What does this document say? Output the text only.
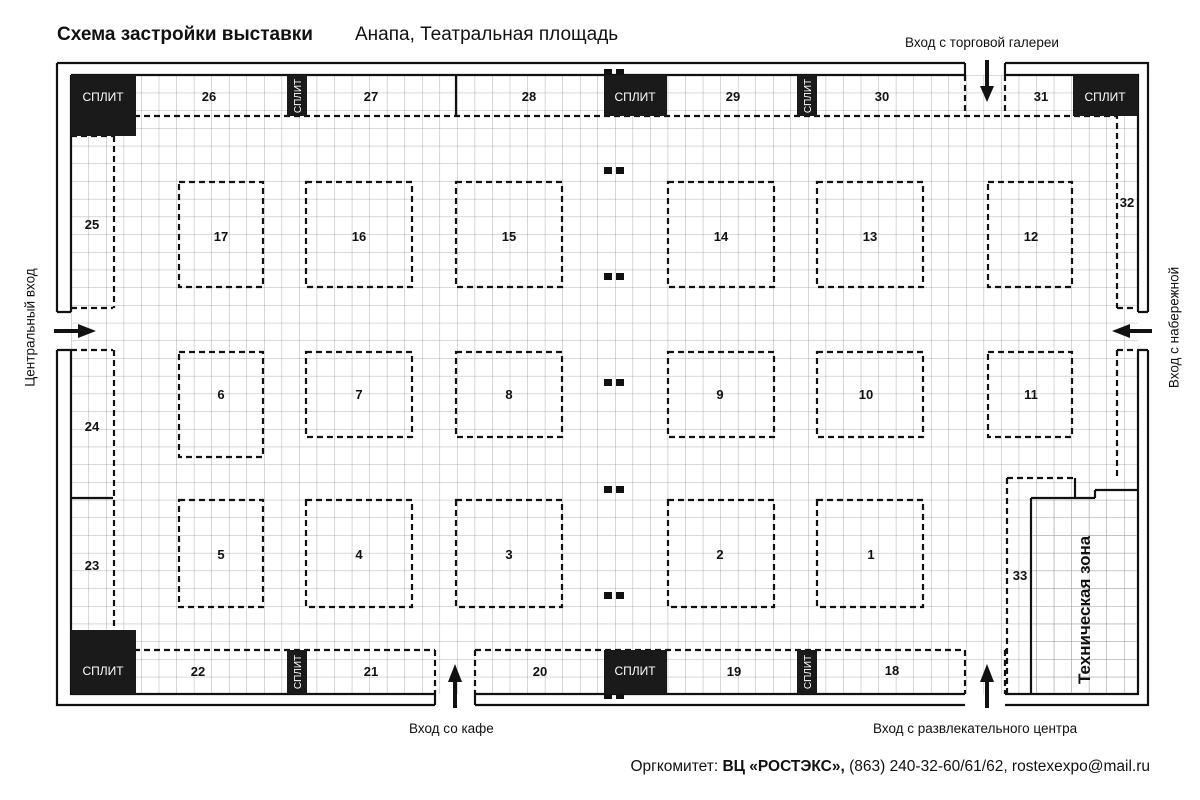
Схема застройки выставки Анапа, Театральная площадь	Вход с торговой галереи
Вход со кафе	Вход с развлекательного центра
Центральный вход	Вход с набережной
СПЛИТ	СПЛИТ
СПЛИТ
СПЛИТ	СПЛИТ
СПЛИТ	СПЛИТ
СПЛИТ	СПЛИТ
1
2
3
4
5
6	7	8	9	10	11
12
13
14
15
16
17
18
19
20
21
22
23
24
25
26	27	28	29	30	31
32
33	Техническая зона
Оргкомитет: ВЦ «РОСТЭКС», (863) 240-32-60/61/62, rostexexpo@mail.ru
